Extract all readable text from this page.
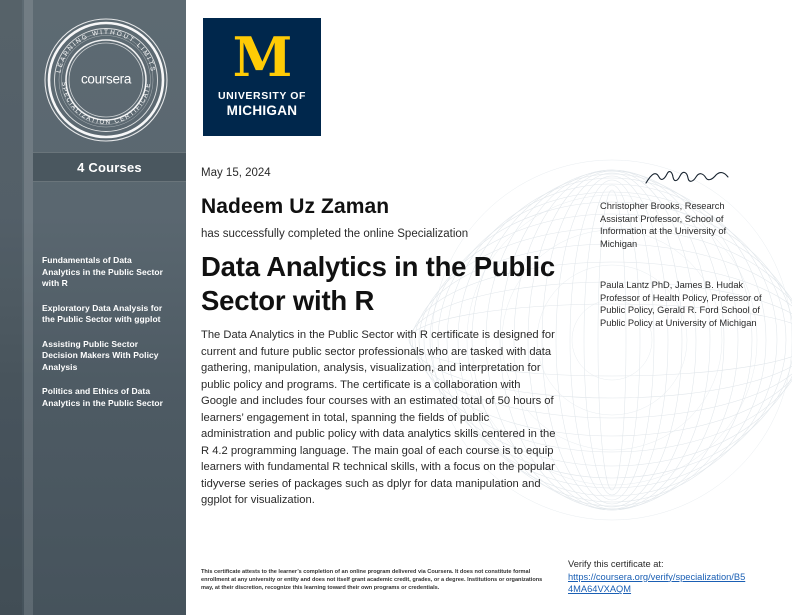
LEARNING WITHOUT LIMITS
SPECIALIZATION CERTIFICATE
coursera
4 Courses
Fundamentals of Data Analytics in the Public Sector with R
Exploratory Data Analysis for the Public Sector with ggplot
Assisting Public Sector Decision Makers With Policy Analysis
Politics and Ethics of Data Analytics in the Public Sector
M
UNIVERSITY OF
MICHIGAN
May 15, 2024
Nadeem Uz Zaman
has successfully completed the online Specialization
Data Analytics in the Public Sector with R
The Data Analytics in the Public Sector with R certificate is designed for current and future public sector professionals who are tasked with data gathering, manipulation, analysis, visualization, and interpretation for public policy and programs. The certificate is a collaboration with Google and includes four courses with an estimated total of 50 hours of learners’ engagement in total, spanning the fields of public administration and public policy with data analytics skills centered in the R 4.2 programming language. The main goal of each course is to equip learners with fundamental R technical skills, with a focus on the popular tidyverse series of packages such as dplyr for data manipulation and ggplot for visualization.
Christopher Brooks, Research Assistant Professor, School of Information at the University of Michigan
Paula Lantz PhD, James B. Hudak Professor of Health Policy, Professor of Public Policy, Gerald R. Ford School of Public Policy at University of Michigan
This certificate attests to the learner’s completion of an online program delivered via Coursera. It does not constitute formal enrollment at any university or entity and does not itself grant academic credit, grades, or a degree. Institutions or organizations may, at their discretion, recognize this learning toward their own programs or credentials.
Verify this certificate at:
https://coursera.org/verify/specialization/B54MA64VXAQM
